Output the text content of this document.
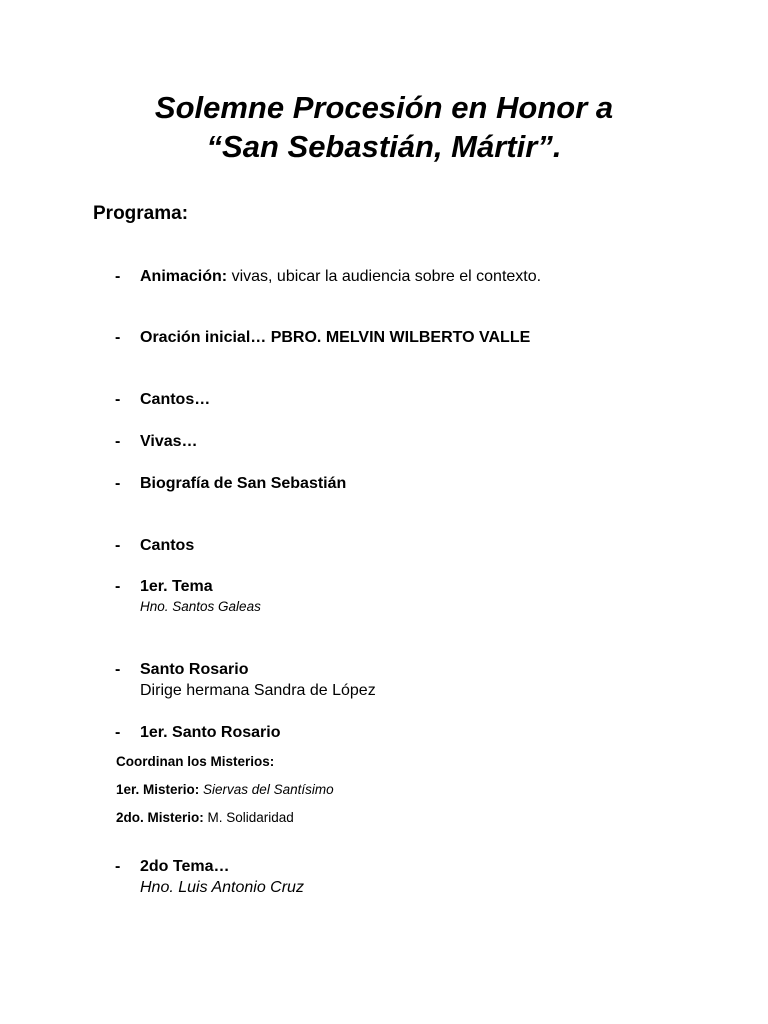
Solemne Procesión en Honor a
“San Sebastián, Mártir”.
Programa:
- Animación: vivas, ubicar la audiencia sobre el contexto.
- Oración inicial… PBRO. MELVIN WILBERTO VALLE
- Cantos…
- Vivas…
- Biografía de San Sebastián
- Cantos
- 1er. Tema
Hno. Santos Galeas
- Santo Rosario
Dirige hermana Sandra de López
- 1er. Santo Rosario
Coordinan los Misterios:
1er. Misterio: Siervas del Santísimo
2do. Misterio: M. Solidaridad
- 2do Tema…
Hno. Luis Antonio Cruz
